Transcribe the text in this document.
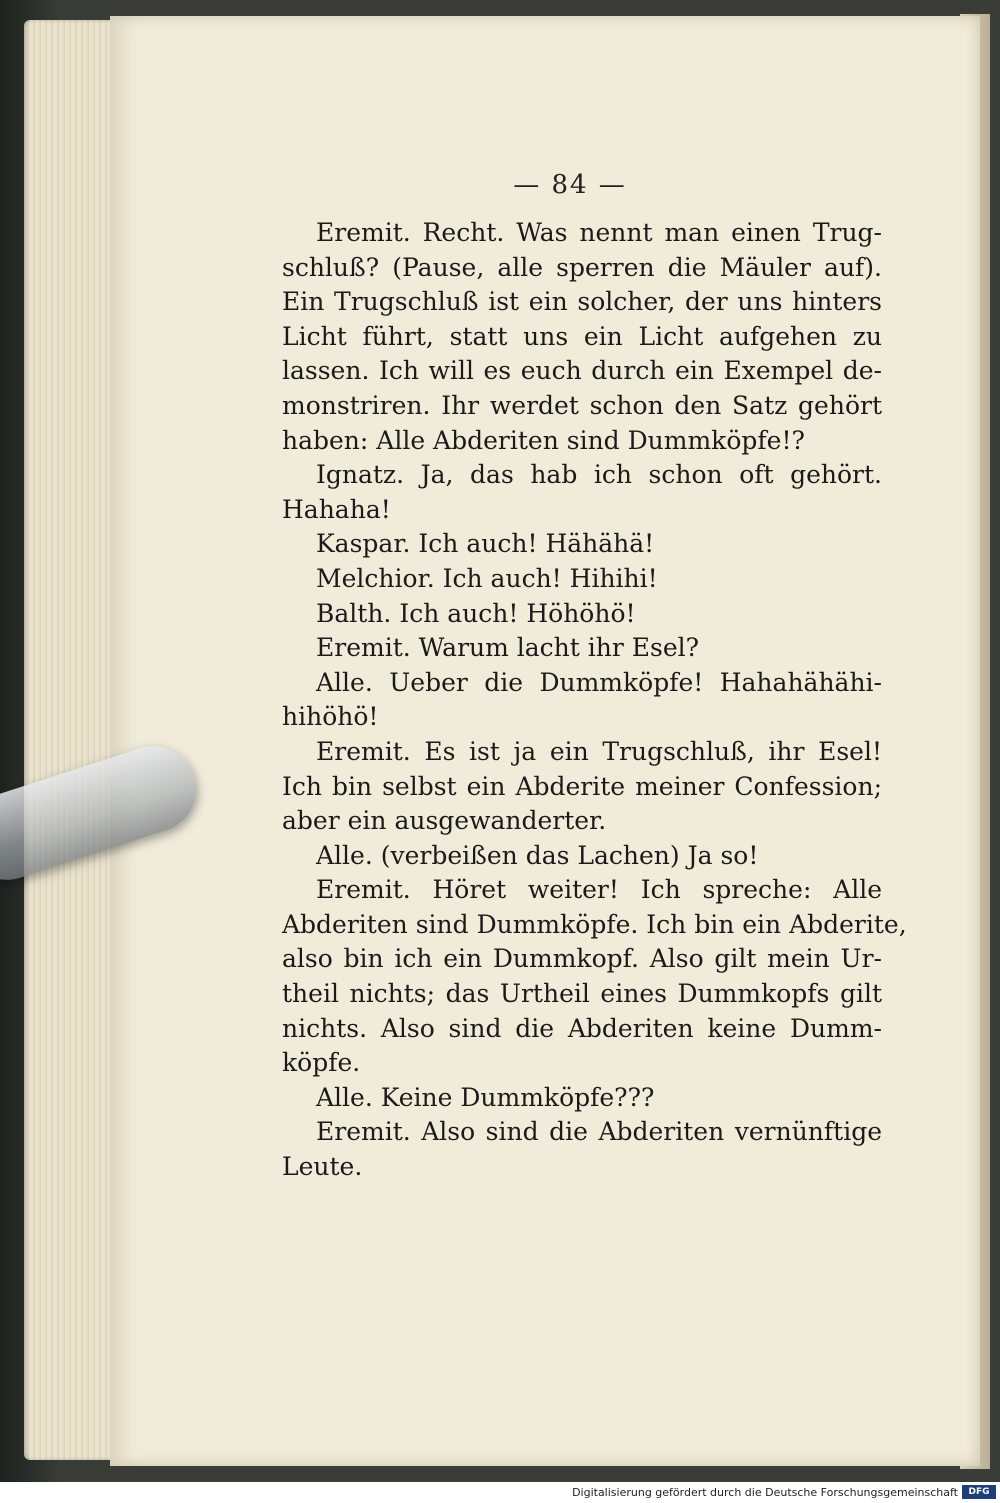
— 84 —
Eremit. Recht. Was nennt man einen Trug-
schluß? (Pause, alle sperren die Mäuler auf).
Ein Trugschluß ist ein solcher, der uns hinters
Licht führt, statt uns ein Licht aufgehen zu
lassen. Ich will es euch durch ein Exempel de-
monstriren. Ihr werdet schon den Satz gehört
haben: Alle Abderiten sind Dummköpfe!?
Ignatz. Ja, das hab ich schon oft gehört.
Hahaha!
Kaspar. Ich auch! Hähähä!
Melchior. Ich auch! Hihihi!
Balth. Ich auch! Höhöhö!
Eremit. Warum lacht ihr Esel?
Alle. Ueber die Dummköpfe! Hahahähähi-
hihöhö!
Eremit. Es ist ja ein Trugschluß, ihr Esel!
Ich bin selbst ein Abderite meiner Confession;
aber ein ausgewanderter.
Alle. (verbeißen das Lachen) Ja so!
Eremit. Höret weiter! Ich spreche: Alle
Abderiten sind Dummköpfe. Ich bin ein Abderite,
also bin ich ein Dummkopf. Also gilt mein Ur-
theil nichts; das Urtheil eines Dummkopfs gilt
nichts. Also sind die Abderiten keine Dumm-
köpfe.
Alle. Keine Dummköpfe???
Eremit. Also sind die Abderiten vernünftige
Leute.
Digitalisierung gefördert durch die Deutsche Forschungsgemeinschaft	DFG
